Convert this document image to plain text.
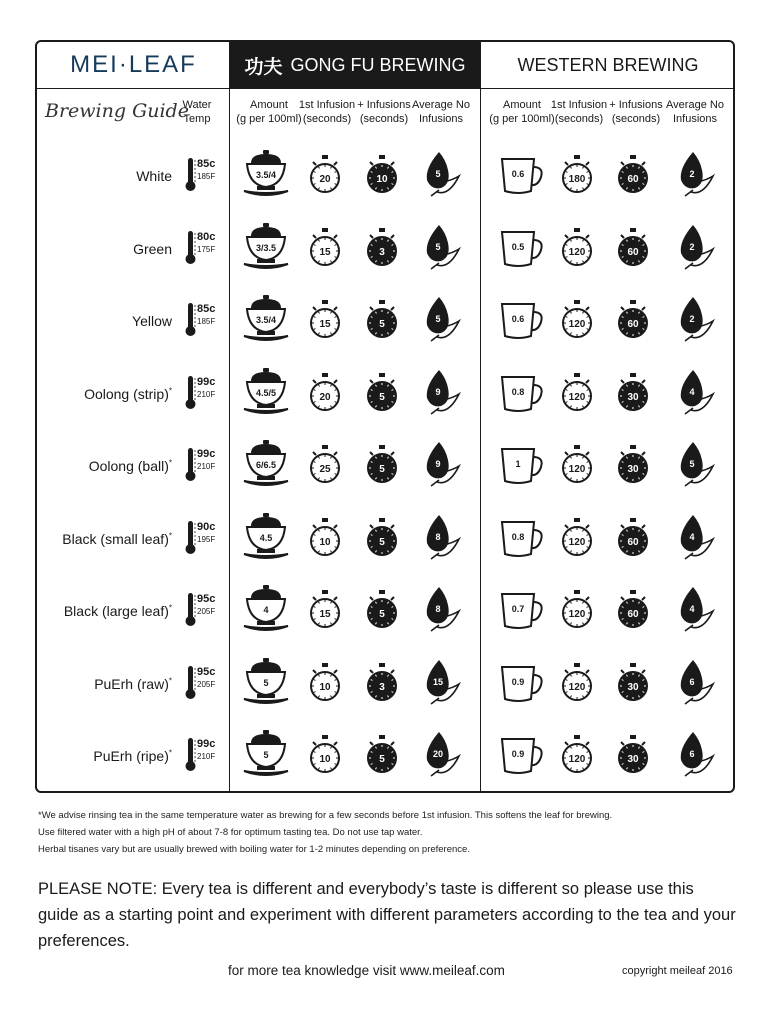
MEI·LEAF	功夫 GONG FU BREWING	WESTERN BREWING
Brewing Guide
Water
Temp
Amount
(g per 100ml)
1st Infusion
(seconds)
+ Infusions
(seconds)
Average No
Infusions
Amount
(g per 100ml)
1st Infusion
(seconds)
+ Infusions
(seconds)
Average No
Infusions
White
85c
185F	3.5/4	20	10	5	0.6	180	60	2
Green
80c
175F	3/3.5	15	3	5	0.5	120	60	2
Yellow
85c
185F	3.5/4	15	5	5	0.6	120	60	2
Oolong (strip)*
99c
210F	4.5/5	20	5	9	0.8	120	30	4
Oolong (ball)*
99c
210F	6/6.5	25	5	9	1	120	30	5
Black (small leaf)*
90c
195F	4.5	10	5	8	0.8	120	60	4
Black (large leaf)*
95c
205F	4	15	5	8	0.7	120	60	4
PuErh (raw)*
95c
205F	5	10	3	15	0.9	120	30	6
PuErh (ripe)*
99c
210F	5	10	5	20	0.9	120	30	6
*We advise rinsing tea in the same temperature water as brewing for a few seconds before 1st infusion. This softens the leaf for brewing.
Use filtered water with a high pH of about 7-8 for optimum tasting tea. Do not use tap water.
Herbal tisanes vary but are usually brewed with boiling water for 1-2 minutes depending on preference.
PLEASE NOTE: Every tea is different and everybody’s taste is different so please use this guide as a starting point and experiment with different parameters according to the tea and your preferences.
for more tea knowledge visit www.meileaf.com	copyright meileaf 2016
